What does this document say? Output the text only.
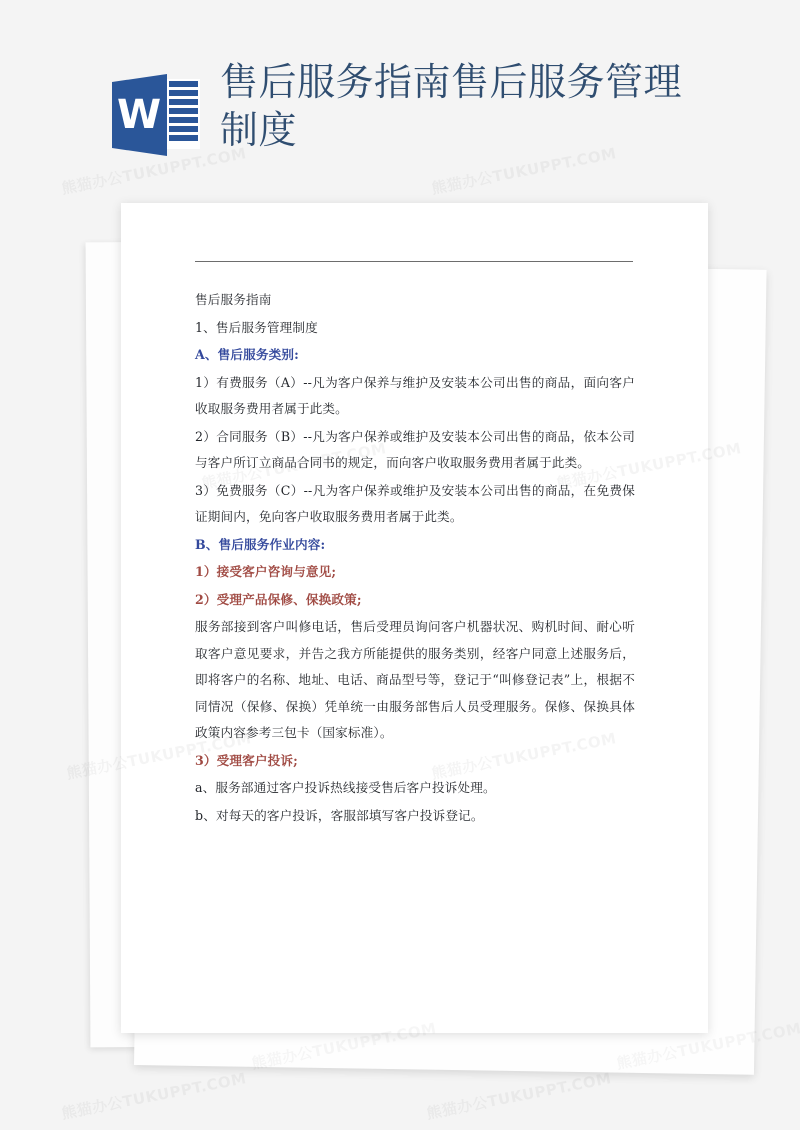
W
售后服务指南售后服务管理制度

售后服务指南

1、售后服务管理制度

A、售后服务类别:

1）有费服务（A）--凡为客户保养与维护及安装本公司出售的商品，面向客户收取服务费用者属于此类。

2）合同服务（B）--凡为客户保养或维护及安装本公司出售的商品，依本公司与客户所订立商品合同书的规定，而向客户收取服务费用者属于此类。

3）免费服务（C）--凡为客户保养或维护及安装本公司出售的商品，在免费保证期间内，免向客户收取服务费用者属于此类。

B、售后服务作业内容:

1）接受客户咨询与意见;

2）受理产品保修、保换政策;

服务部接到客户叫修电话，售后受理员询问客户机器状况、购机时间、耐心听取客户意见要求，并告之我方所能提供的服务类别，经客户同意上述服务后，即将客户的名称、地址、电话、商品型号等，登记于“叫修登记表”上，根据不同情况（保修、保换）凭单统一由服务部售后人员受理服务。保修、保换具体政策内容参考三包卡（国家标准）。

3）受理客户投诉;

a、服务部通过客户投诉热线接受售后客户投诉处理。

b、对每天的客户投诉，客服部填写客户投诉登记。
